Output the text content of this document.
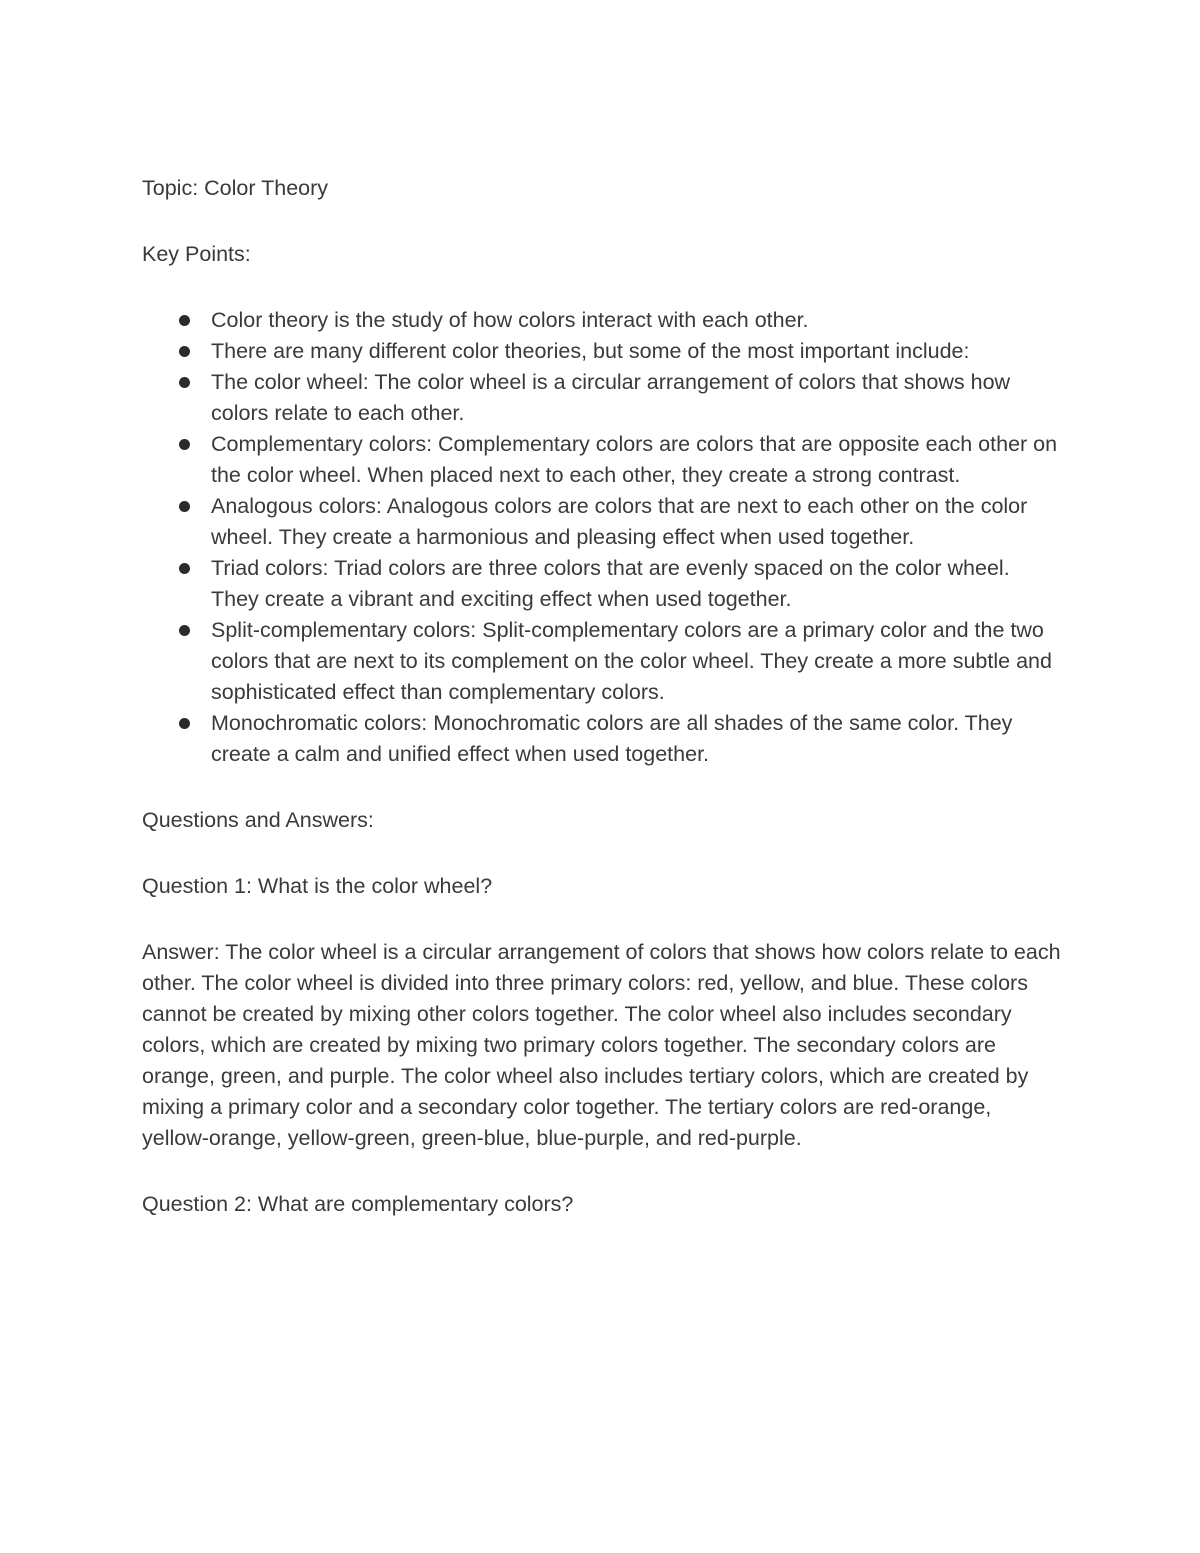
Topic: Color Theory

Key Points:

Color theory is the study of how colors interact with each other.
There are many different color theories, but some of the most important include:
The color wheel: The color wheel is a circular arrangement of colors that shows how colors relate to each other.
Complementary colors: Complementary colors are colors that are opposite each other on the color wheel. When placed next to each other, they create a strong contrast.
Analogous colors: Analogous colors are colors that are next to each other on the color wheel. They create a harmonious and pleasing effect when used together.
Triad colors: Triad colors are three colors that are evenly spaced on the color wheel. They create a vibrant and exciting effect when used together.
Split-complementary colors: Split-complementary colors are a primary color and the two colors that are next to its complement on the color wheel. They create a more subtle and sophisticated effect than complementary colors.
Monochromatic colors: Monochromatic colors are all shades of the same color. They create a calm and unified effect when used together.

Questions and Answers:

Question 1: What is the color wheel?

Answer: The color wheel is a circular arrangement of colors that shows how colors relate to each other. The color wheel is divided into three primary colors: red, yellow, and blue. These colors cannot be created by mixing other colors together. The color wheel also includes secondary colors, which are created by mixing two primary colors together. The secondary colors are orange, green, and purple. The color wheel also includes tertiary colors, which are created by mixing a primary color and a secondary color together. The tertiary colors are red-orange, yellow-orange, yellow-green, green-blue, blue-purple, and red-purple.

Question 2: What are complementary colors?
